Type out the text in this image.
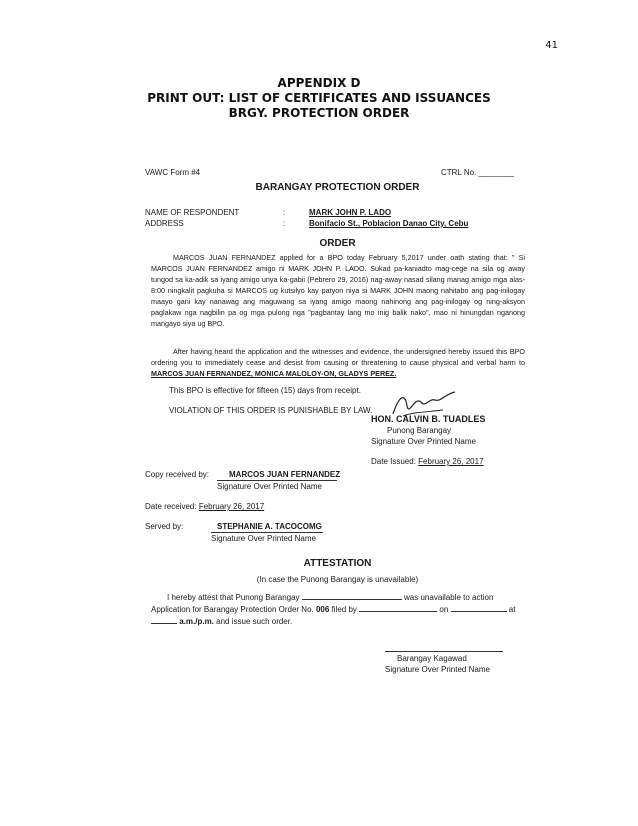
41
APPENDIX D
PRINT OUT: LIST OF CERTIFICATES AND ISSUANCES
BRGY. PROTECTION ORDER
VAWC Form #4	CTRL No. ________
BARANGAY PROTECTION ORDER
NAME OF RESPONDENT	:	MARK JOHN P. LADO
ADDRESS	:	Bonifacio St., Poblacion Danao City, Cebu
ORDER
MARCOS JUAN FERNANDEZ applied for a BPO today February 5,2017 under oath stating that: " Si MARCOS JUAN FERNANDEZ amigo ni MARK JOHN P. LADO. Sukad pa-kaniadto mag-cege na sila og away tungod sa ka-adik sa iyang amigo unya ka-gabii (Pebrero 29, 2016) nag-away nasad silang manag amigo mga alas-8:00 ningkalit pagkuha si MARCOS ug kutsilyo kay patyon niya si MARK JOHN maong nahitabo ang pag-inilogay maayo gani kay nanawag ang maguwang sa iyang amigo maong nahinong ang pag-inilogay og ning-aksyon paglakaw nga nagbilin pa og mga pulong nga "pagbantay lang mo inig balik nako", mao ni hinungdan nganong mangayo siya ug BPO.
After having heard the application and the witnesses and evidence, the undersigned hereby issued this BPO ordering you to immediately cease and desist from causing or threatening to cause physical and verbal harm to MARCOS JUAN FERNANDEZ, MONICA MALOLOY-ON, GLADYS PEREZ.
This BPO is effective for fifteen (15) days from receipt.
VIOLATION OF THIS ORDER IS PUNISHABLE BY LAW.
HON. CALVIN B. TUADLES
Punong Barangay
Signature Over Printed Name
Date Issued: February 26, 2017
Copy received by: MARCOS JUAN FERNANDEZ
Signature Over Printed Name
Date received: February 26, 2017
Served by:	STEPHANIE A. TACOCOMG
Signature Over Printed Name
ATTESTATION
(In case the Punong Barangay is unavailable)
I hereby attest that Punong Barangay	was unavailable to action
Application for Barangay Protection Order No. 006 filed by	on	at
a.m./p.m. and issue such order.
Barangay Kagawad
Signature Over Printed Name
